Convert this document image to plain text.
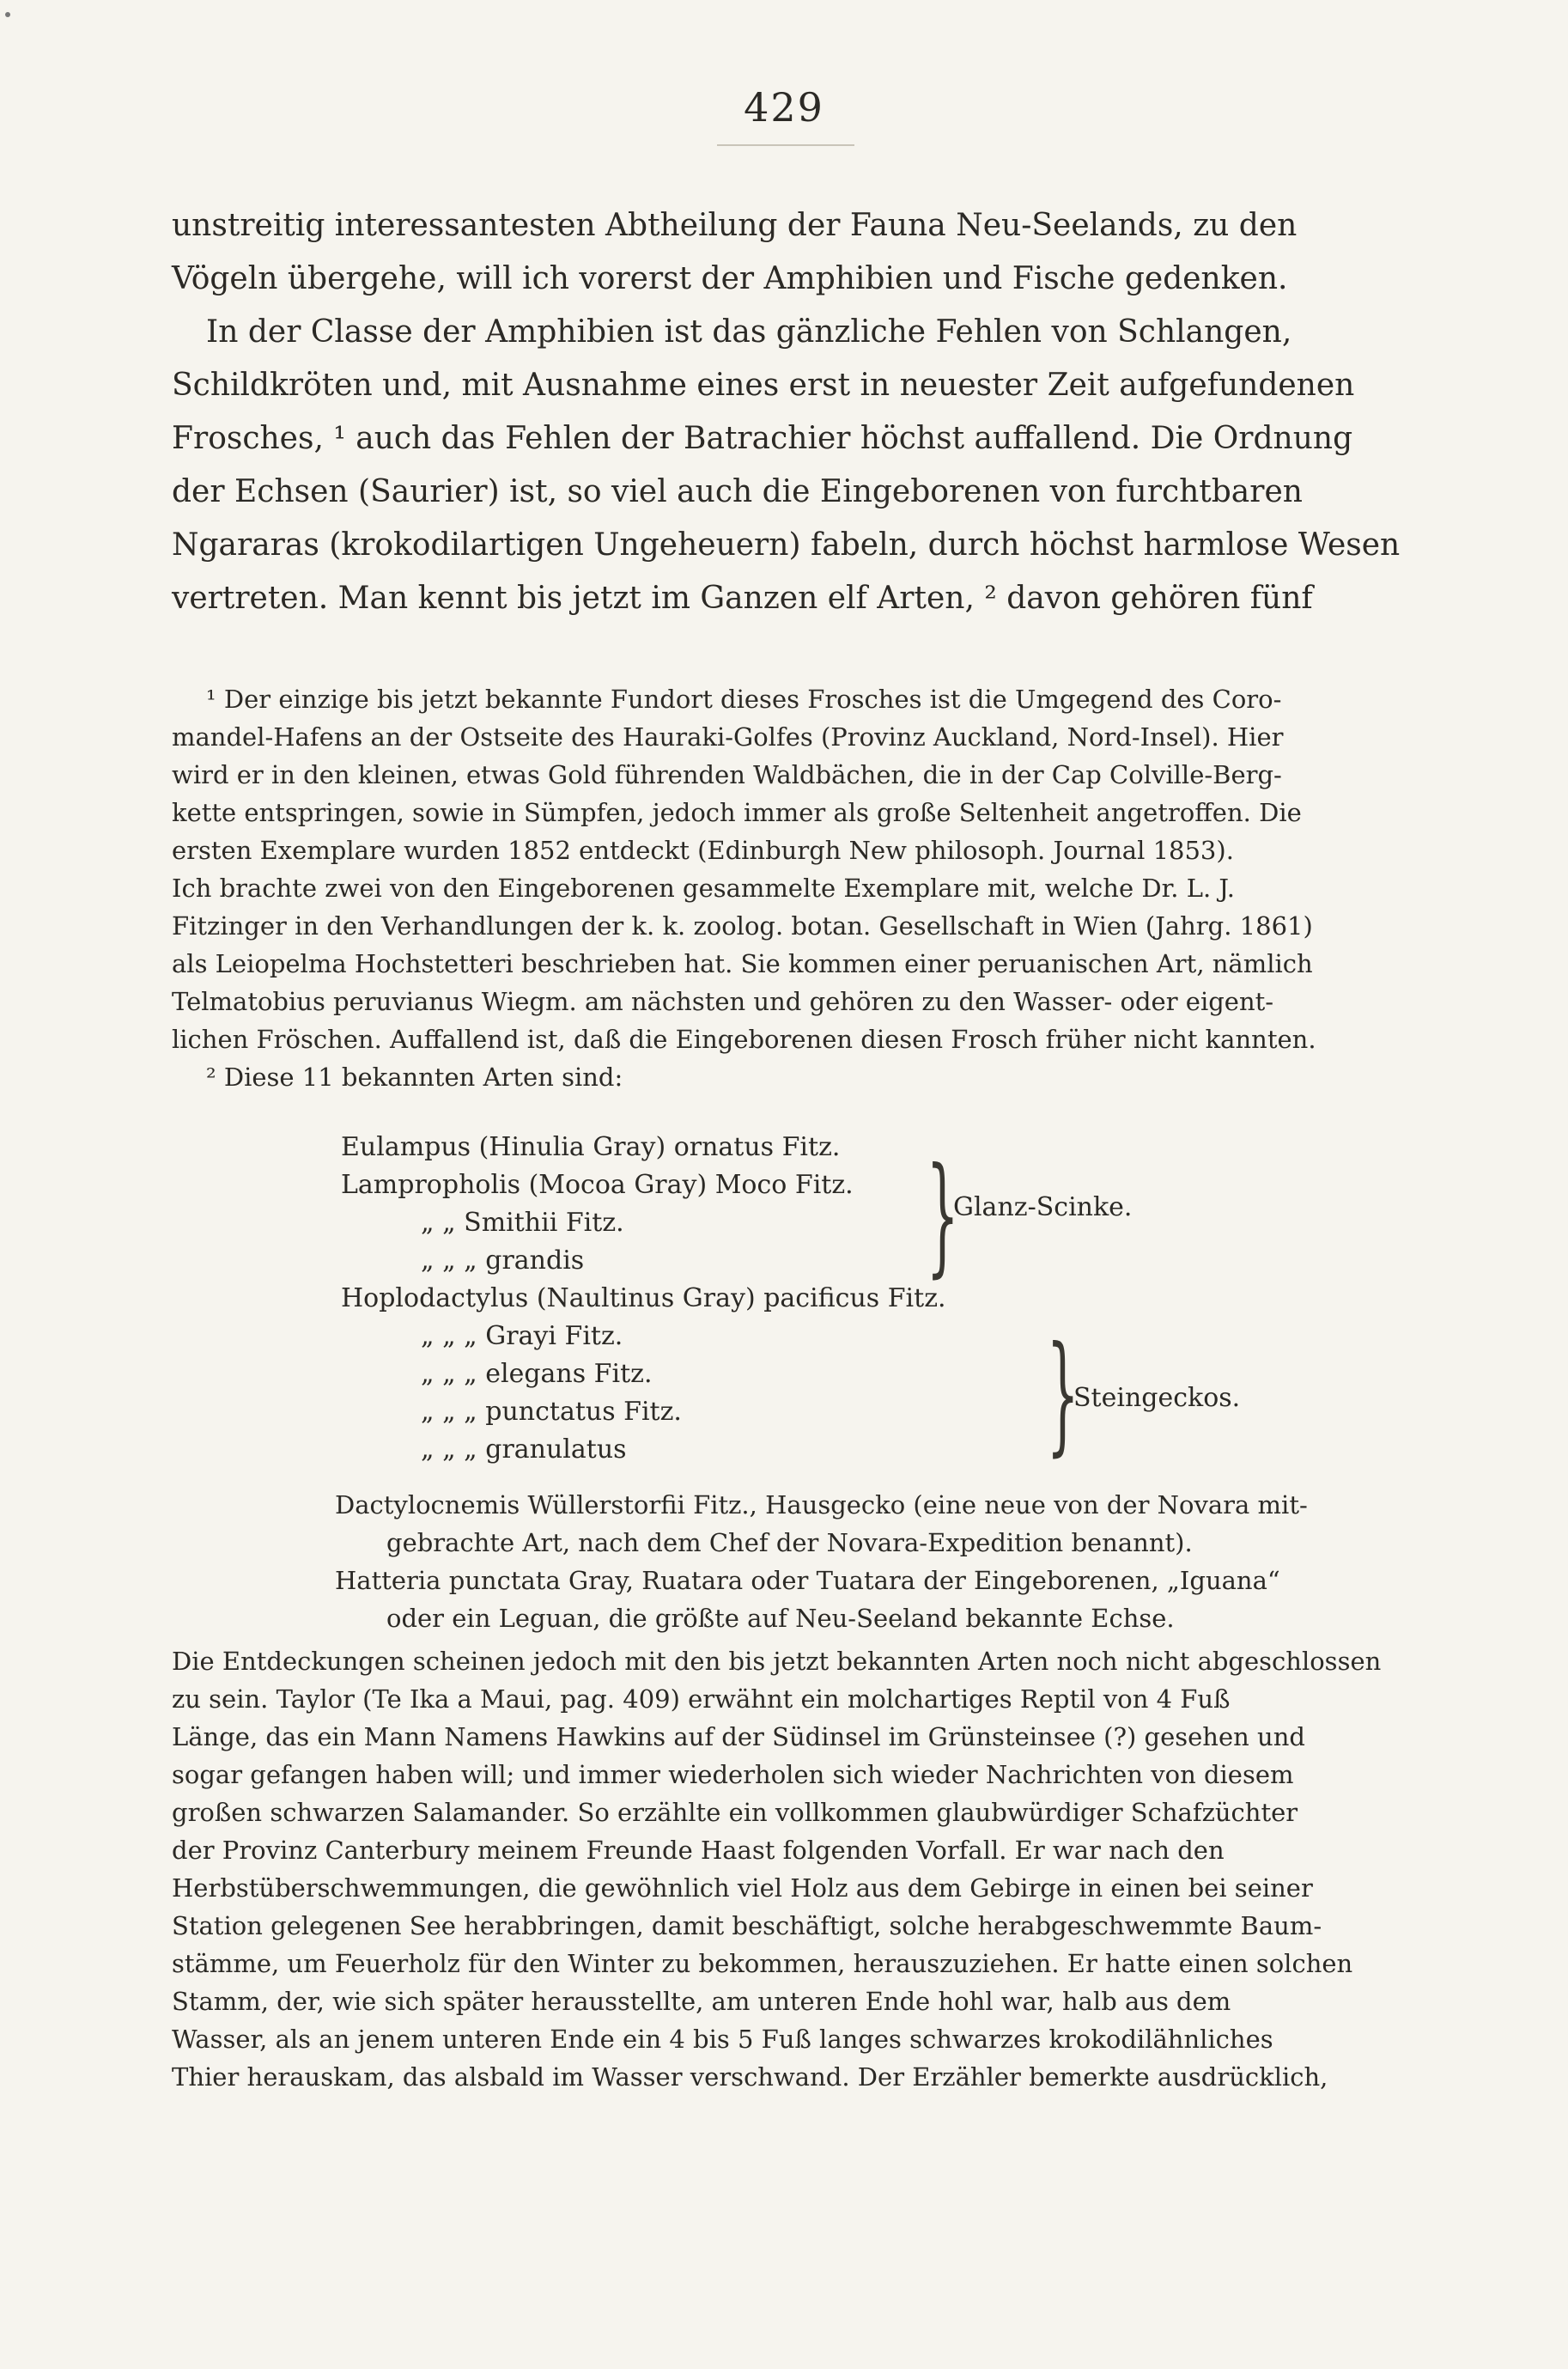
429
unstreitig interessantesten Abtheilung der Fauna Neu-Seelands, zu den
Vögeln übergehe, will ich vorerst der Amphibien und Fische gedenken.
In der Classe der Amphibien ist das gänzliche Fehlen von Schlangen,
Schildkröten und, mit Ausnahme eines erst in neuester Zeit aufgefundenen
Frosches, ¹ auch das Fehlen der Batrachier höchst auffallend. Die Ordnung
der Echsen (Saurier) ist, so viel auch die Eingeborenen von furchtbaren
Ngararas (krokodilartigen Ungeheuern) fabeln, durch höchst harmlose Wesen
vertreten. Man kennt bis jetzt im Ganzen elf Arten, ² davon gehören fünf
¹ Der einzige bis jetzt bekannte Fundort dieses Frosches ist die Umgegend des Coro-
mandel-Hafens an der Ostseite des Hauraki-Golfes (Provinz Auckland, Nord-Insel). Hier
wird er in den kleinen, etwas Gold führenden Waldbächen, die in der Cap Colville-Berg-
kette entspringen, sowie in Sümpfen, jedoch immer als große Seltenheit angetroffen. Die
ersten Exemplare wurden 1852 entdeckt (Edinburgh New philosoph. Journal 1853).
Ich brachte zwei von den Eingeborenen gesammelte Exemplare mit, welche Dr. L. J.
Fitzinger in den Verhandlungen der k. k. zoolog. botan. Gesellschaft in Wien (Jahrg. 1861)
als Leiopelma Hochstetteri beschrieben hat. Sie kommen einer peruanischen Art, nämlich
Telmatobius peruvianus Wiegm. am nächsten und gehören zu den Wasser- oder eigent-
lichen Fröschen. Auffallend ist, daß die Eingeborenen diesen Frosch früher nicht kannten.
² Diese 11 bekannten Arten sind:
Eulampus (Hinulia Gray) ornatus Fitz.
Lampropholis (Mocoa Gray) Moco Fitz.
„ „ Smithii Fitz.
„ „ „ grandis
Hoplodactylus (Naultinus Gray) pacificus Fitz.
„ „ „ Grayi Fitz.
„ „ „ elegans Fitz.
„ „ „ punctatus Fitz.
„ „ „ granulatus
}
Glanz-Scinke.
}
Steingeckos.
Dactylocnemis Wüllerstorfii Fitz., Hausgecko (eine neue von der Novara mit-
gebrachte Art, nach dem Chef der Novara-Expedition benannt).
Hatteria punctata Gray, Ruatara oder Tuatara der Eingeborenen, „Iguana“
oder ein Leguan, die größte auf Neu-Seeland bekannte Echse.
Die Entdeckungen scheinen jedoch mit den bis jetzt bekannten Arten noch nicht abgeschlossen
zu sein. Taylor (Te Ika a Maui, pag. 409) erwähnt ein molchartiges Reptil von 4 Fuß
Länge, das ein Mann Namens Hawkins auf der Südinsel im Grünsteinsee (?) gesehen und
sogar gefangen haben will; und immer wiederholen sich wieder Nachrichten von diesem
großen schwarzen Salamander. So erzählte ein vollkommen glaubwürdiger Schafzüchter
der Provinz Canterbury meinem Freunde Haast folgenden Vorfall. Er war nach den
Herbstüberschwemmungen, die gewöhnlich viel Holz aus dem Gebirge in einen bei seiner
Station gelegenen See herabbringen, damit beschäftigt, solche herabgeschwemmte Baum-
stämme, um Feuerholz für den Winter zu bekommen, herauszuziehen. Er hatte einen solchen
Stamm, der, wie sich später herausstellte, am unteren Ende hohl war, halb aus dem
Wasser, als an jenem unteren Ende ein 4 bis 5 Fuß langes schwarzes krokodilähnliches
Thier herauskam, das alsbald im Wasser verschwand. Der Erzähler bemerkte ausdrücklich,
